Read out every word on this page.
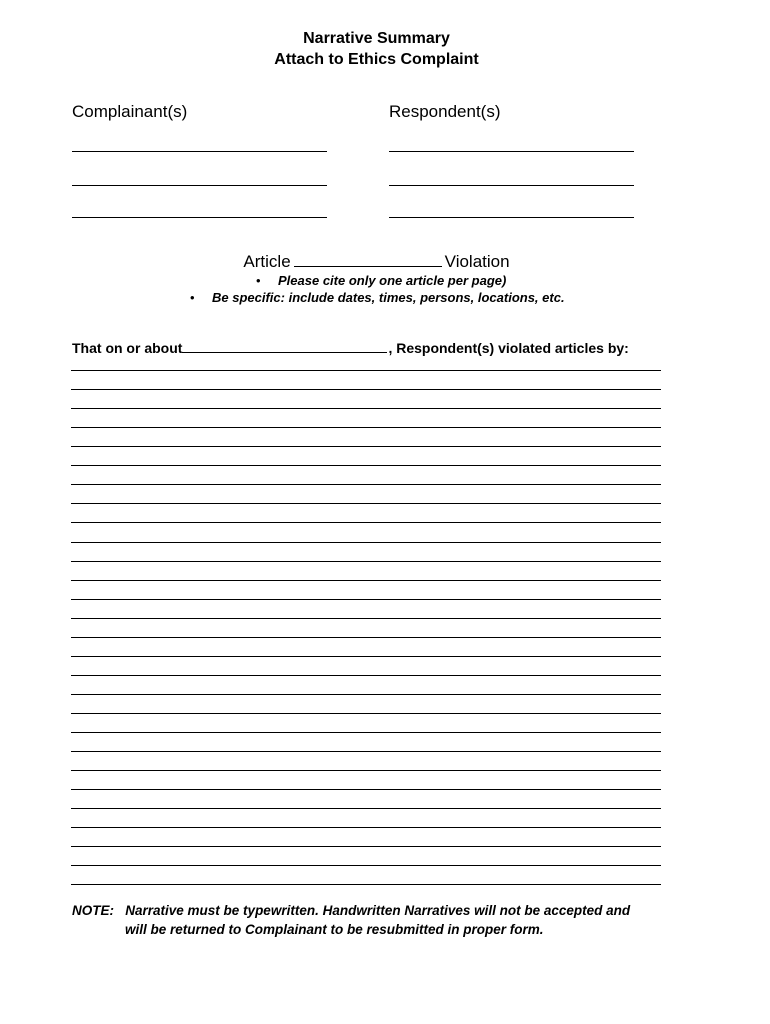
Narrative Summary
Attach to Ethics Complaint
Complainant(s)	Respondent(s)
Article	Violation
• Please cite only one article per page)
• Be specific: include dates, times, persons, locations, etc.
That on or about	, Respondent(s) violated articles by:
NOTE: Narrative must be typewritten. Handwritten Narratives will not be accepted and
will be returned to Complainant to be resubmitted in proper form.
